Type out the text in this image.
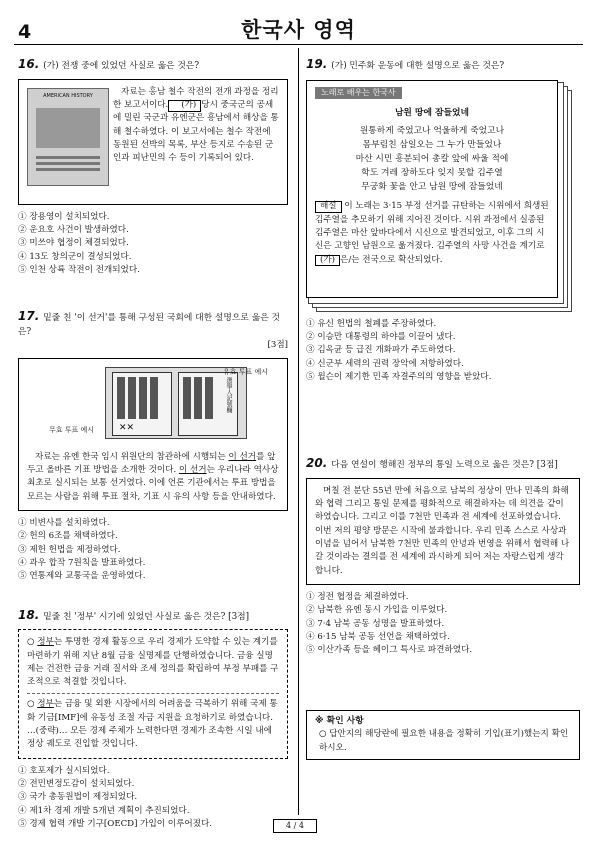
4	한국사 영역
16. (가) 전쟁 중에 있었던 사실로 옳은 것은?
AMERICAN HISTORY	자료는 홍남 철수 작전의 전개 과정을 정리한 보고서이다. (가) 당시 중국군의 공세에 밀린 국군과 유엔군은 흥남에서 해상을 통해 철수하였다. 이 보고서에는 철수 작전에 동원된 선박의 목록, 부산 등지로 수송된 군인과 피난민의 수 등이 기록되어 있다.
① 장용영이 설치되었다.
② 운요호 사건이 발생하였다.
③ 미쓰야 협정이 체결되었다.
④ 13도 창의군이 결성되었다.
⑤ 인천 상륙 작전이 전개되었다.
17. 밑줄 친 '이 선거'를 통해 구성된 국회에 대한 설명으로 옳은 것은?
[3점]
✕✕
選擧人記號欄
유효 투표 예시
무효 투표 예시
자료는 유엔 한국 임시 위원단의 참관하에 시행되는 이 선거를 앞두고 올바른 기표 방법을 소개한 것이다. 이 선거는 우리나라 역사상 최초로 실시되는 보통 선거였다. 이에 언론 기관에서는 투표 방법을 모르는 사람을 위해 투표 절차, 기표 시 유의 사항 등을 안내하였다.
① 비변사를 설치하였다.
② 헌의 6조를 채택하였다.
③ 제헌 헌법을 제정하였다.
④ 과우 합작 7원칙을 발표하였다.
⑤ 연통제와 교통국을 운영하였다.
18. 밑줄 친 '정부' 시기에 있었던 사실로 옳은 것은? [3점]
○ 정부는 투명한 경제 활동으로 우리 경제가 도약할 수 있는 계기를 마련하기 위해 지난 8월 금융 실명제를 단행하였습니다. 금융 실명제는 건전한 금융 거래 질서와 조세 정의를 확립하여 부정 부패를 구조적으로 척결할 것입니다.
○ 정부는 금융 및 외환 시장에서의 어려움을 극복하기 위해 국제 통화 기금[IMF]에 유동성 조절 자금 지원을 요청하기로 하였습니다. …(중략)… 모든 경제 주체가 노력한다면 경제가 조속한 시일 내에 정상 궤도로 진입할 것입니다.
① 호포제가 실시되었다.
② 전민변정도감이 설치되었다.
③ 국가 총동원법이 제정되었다.
④ 제1차 경제 개발 5개년 계획이 추진되었다.
⑤ 경제 협력 개발 기구[OECD] 가입이 이루어졌다.
19. (가) 민주화 운동에 대한 설명으로 옳은 것은?
노래로 배우는 한국사
남원 땅에 잠들었네
원통하게 죽었고나 억울하게 죽었고나
몸부림친 삼일오는 그 누가 만들었나
마산 시민 흥분되어 총칼 앞에 싸울 적에
학도 겨레 장하도다 잊지 못할 김주열
무궁화 꽃을 안고 남원 땅에 잠들었네
해설 이 노래는 3·15 부정 선거를 규탄하는 시위에서 희생된 김주열을 추모하기 위해 지어진 것이다. 시위 과정에서 실종된 김주열은 마산 앞바다에서 시신으로 발견되었고, 이후 그의 시신은 고향인 남원으로 옮겨졌다. 김주열의 사망 사건을 계기로 (가) 은/는 전국으로 확산되었다.
① 유신 헌법의 철폐를 주장하였다.
② 이승만 대통령의 하야를 이끌어 냈다.
③ 김옥균 등 급진 개화파가 주도하였다.
④ 신군부 세력의 권력 장악에 저항하였다.
⑤ 윌슨이 제기한 민족 자결주의의 영향을 받았다.
20. 다음 연설이 행해진 정부의 통일 노력으로 옳은 것은? [3점]
며칠 전 분단 55년 만에 처음으로 남북의 정상이 만나 민족의 화해와 협력 그리고 통일 문제를 평화적으로 해결하자는 데 의견을 같이하였습니다. 그리고 이를 7천만 민족과 전 세계에 선포하였습니다. 이번 저의 평양 방문은 시작에 불과합니다. 우리 민족 스스로 사상과 이념을 넘어서 남북한 7천만 민족의 안녕과 번영을 위해서 협력해 나갈 것이라는 결의를 전 세계에 과시하게 되어 저는 자랑스럽게 생각합니다.
① 정전 협정을 체결하였다.
② 남북한 유엔 동시 가입을 이루었다.
③ 7·4 남북 공동 성명을 발표하였다.
④ 6·15 남북 공동 선언을 채택하였다.
⑤ 이산가족 등을 헤이그 특사로 파견하였다.
※ 확인 사항
○ 답안지의 해당란에 필요한 내용을 정확히 기입(표기)했는지 확인 하시오.
4 / 4
